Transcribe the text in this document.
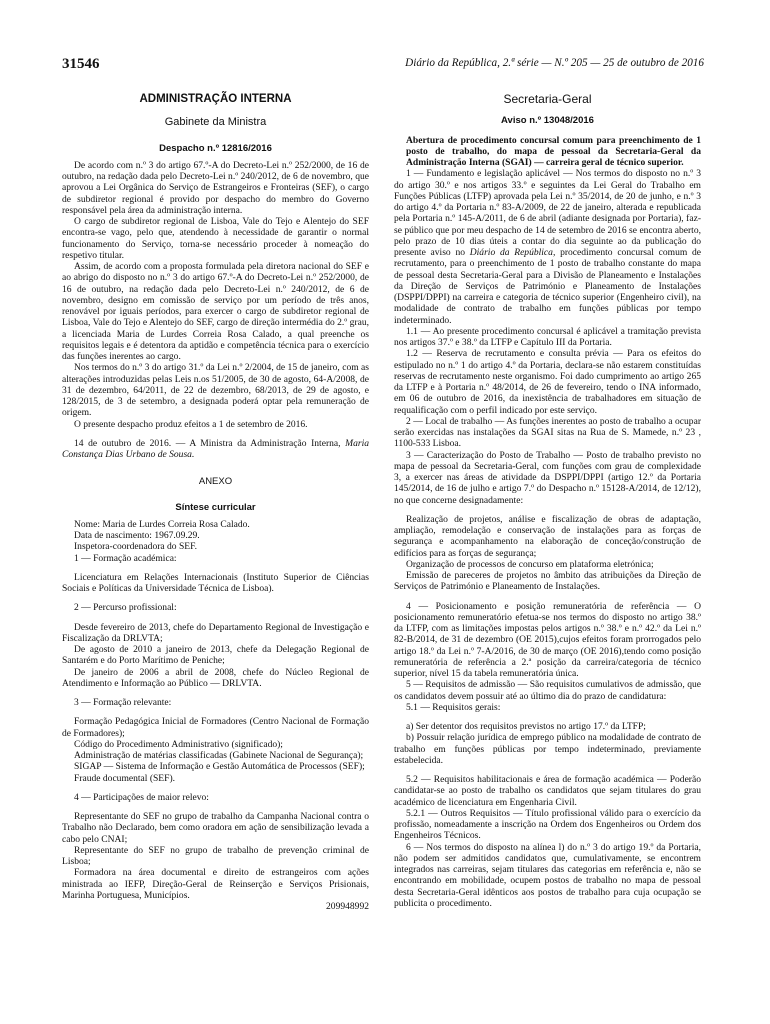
31546	Diário da República, 2.ª série — N.º 205 — 25 de outubro de 2016
ADMINISTRAÇÃO INTERNA
Gabinete da Ministra
Despacho n.º 12816/2016

De acordo com n.º 3 do artigo 67.º-A do Decreto-Lei n.º 252/2000, de 16 de outubro, na redação dada pelo Decreto-Lei n.º 240/2012, de 6 de novembro, que aprovou a Lei Orgânica do Serviço de Estrangeiros e Fronteiras (SEF), o cargo de subdiretor regional é provido por despacho do membro do Governo responsável pela área da administração interna.

O cargo de subdiretor regional de Lisboa, Vale do Tejo e Alentejo do SEF encontra-se vago, pelo que, atendendo à necessidade de garantir o normal funcionamento do Serviço, torna-se necessário proceder à nomeação do respetivo titular.

Assim, de acordo com a proposta formulada pela diretora nacional do SEF e ao abrigo do disposto no n.º 3 do artigo 67.º-A do Decreto-Lei n.º 252/2000, de 16 de outubro, na redação dada pelo Decreto-Lei n.º 240/2012, de 6 de novembro, designo em comissão de serviço por um período de três anos, renovável por iguais períodos, para exercer o cargo de subdiretor regional de Lisboa, Vale do Tejo e Alentejo do SEF, cargo de direção intermédia do 2.º grau, a licenciada Maria de Lurdes Correia Rosa Calado, a qual preenche os requisitos legais e é detentora da aptidão e competência técnica para o exercício das funções inerentes ao cargo.

Nos termos do n.º 3 do artigo 31.º da Lei n.º 2/2004, de 15 de janeiro, com as alterações introduzidas pelas Leis n.os 51/2005, de 30 de agosto, 64-A/2008, de 31 de dezembro, 64/2011, de 22 de dezembro, 68/2013, de 29 de agosto, e 128/2015, de 3 de setembro, a designada poderá optar pela remuneração de origem.

O presente despacho produz efeitos a 1 de setembro de 2016.

14 de outubro de 2016. — A Ministra da Administração Interna, Maria Constança Dias Urbano de Sousa.

ANEXO
Síntese curricular

Nome: Maria de Lurdes Correia Rosa Calado.

Data de nascimento: 1967.09.29.

Inspetora-coordenadora do SEF.

1 — Formação académica:

Licenciatura em Relações Internacionais (Instituto Superior de Ciências Sociais e Políticas da Universidade Técnica de Lisboa).

2 — Percurso profissional:

Desde fevereiro de 2013, chefe do Departamento Regional de Investigação e Fiscalização da DRLVTA;

De agosto de 2010 a janeiro de 2013, chefe da Delegação Regional de Santarém e do Porto Marítimo de Peniche;

De janeiro de 2006 a abril de 2008, chefe do Núcleo Regional de Atendimento e Informação ao Público — DRLVTA.

3 — Formação relevante:

Formação Pedagógica Inicial de Formadores (Centro Nacional de Formação de Formadores);

Código do Procedimento Administrativo (significado);

Administração de matérias classificadas (Gabinete Nacional de Segurança);

SIGAP — Sistema de Informação e Gestão Automática de Processos (SEF);

Fraude documental (SEF).

4 — Participações de maior relevo:

Representante do SEF no grupo de trabalho da Campanha Nacional contra o Trabalho não Declarado, bem como oradora em ação de sensibilização levada a cabo pelo CNAI;

Representante do SEF no grupo de trabalho de prevenção criminal de Lisboa;

Formadora na área documental e direito de estrangeiros com ações ministrada ao IEFP, Direção-Geral de Reinserção e Serviços Prisionais, Marinha Portuguesa, Municípios.

209948992

Secretaria-Geral
Aviso n.º 13048/2016

Abertura de procedimento concursal comum para preenchimento de 1 posto de trabalho, do mapa de pessoal da Secretaria-Geral da Administração Interna (SGAI) — carreira geral de técnico superior.

1 — Fundamento e legislação aplicável — Nos termos do disposto no n.º 3 do artigo 30.º e nos artigos 33.º e seguintes da Lei Geral do Trabalho em Funções Públicas (LTFP) aprovada pela Lei n.º 35/2014, de 20 de junho, e n.º 3 do artigo 4.º da Portaria n.º 83-A/2009, de 22 de janeiro, alterada e republicada pela Portaria n.º 145-A/2011, de 6 de abril (adiante designada por Portaria), faz-se público que por meu despacho de 14 de setembro de 2016 se encontra aberto, pelo prazo de 10 dias úteis a contar do dia seguinte ao da publicação do presente aviso no Diário da República, procedimento concursal comum de recrutamento, para o preenchimento de 1 posto de trabalho constante do mapa de pessoal desta Secretaria-Geral para a Divisão de Planeamento e Instalações da Direção de Serviços de Património e Planeamento de Instalações (DSPPI/DPPI) na carreira e categoria de técnico superior (Engenheiro civil), na modalidade de contrato de trabalho em funções públicas por tempo indeterminado.

1.1 — Ao presente procedimento concursal é aplicável a tramitação prevista nos artigos 37.º e 38.º da LTFP e Capítulo III da Portaria.

1.2 — Reserva de recrutamento e consulta prévia — Para os efeitos do estipulado no n.º 1 do artigo 4.º da Portaria, declara-se não estarem constituídas reservas de recrutamento neste organismo. Foi dado cumprimento ao artigo 265 da LTFP e à Portaria n.º 48/2014, de 26 de fevereiro, tendo o INA informado, em 06 de outubro de 2016, da inexistência de trabalhadores em situação de requalificação com o perfil indicado por este serviço.

2 — Local de trabalho — As funções inerentes ao posto de trabalho a ocupar serão exercidas nas instalações da SGAI sitas na Rua de S. Mamede, n.º 23 , 1100-533 Lisboa.

3 — Caracterização do Posto de Trabalho — Posto de trabalho previsto no mapa de pessoal da Secretaria-Geral, com funções com grau de complexidade 3, a exercer nas áreas de atividade da DSPPI/DPPI (artigo 12.º da Portaria 145/2014, de 16 de julho e artigo 7.º do Despacho n.º 15128-A/2014, de 12/12), no que concerne designadamente:

Realização de projetos, análise e fiscalização de obras de adaptação, ampliação, remodelação e conservação de instalações para as forças de segurança e acompanhamento na elaboração de conceção/construção de edifícios para as forças de segurança;

Organização de processos de concurso em plataforma eletrónica;

Emissão de pareceres de projetos no âmbito das atribuições da Direção de Serviços de Património e Planeamento de Instalações.

4 — Posicionamento e posição remuneratória de referência — O posicionamento remuneratório efetua-se nos termos do disposto no artigo 38.º da LTFP, com as limitações impostas pelos artigos n.º 38.º e n.º 42.º da Lei n.º 82-B/2014, de 31 de dezembro (OE 2015),cujos efeitos foram prorrogados pelo artigo 18.º da Lei n.º 7-A/2016, de 30 de março (OE 2016),tendo como posição remuneratória de referência a 2.ª posição da carreira/categoria de técnico superior, nível 15 da tabela remuneratória única.

5 — Requisitos de admissão — São requisitos cumulativos de admissão, que os candidatos devem possuir até ao último dia do prazo de candidatura:

5.1 — Requisitos gerais:

a) Ser detentor dos requisitos previstos no artigo 17.º da LTFP;

b) Possuir relação jurídica de emprego público na modalidade de contrato de trabalho em funções públicas por tempo indeterminado, previamente estabelecida.

5.2 — Requisitos habilitacionais e área de formação académica — Poderão candidatar-se ao posto de trabalho os candidatos que sejam titulares do grau académico de licenciatura em Engenharia Civil.

5.2.1 — Outros Requisitos — Título profissional válido para o exercício da profissão, nomeadamente a inscrição na Ordem dos Engenheiros ou Ordem dos Engenheiros Técnicos.

6 — Nos termos do disposto na alínea l) do n.º 3 do artigo 19.º da Portaria, não podem ser admitidos candidatos que, cumulativamente, se encontrem integrados nas carreiras, sejam titulares das categorias em referência e, não se encontrando em mobilidade, ocupem postos de trabalho no mapa de pessoal desta Secretaria-Geral idênticos aos postos de trabalho para cuja ocupação se publicita o procedimento.
